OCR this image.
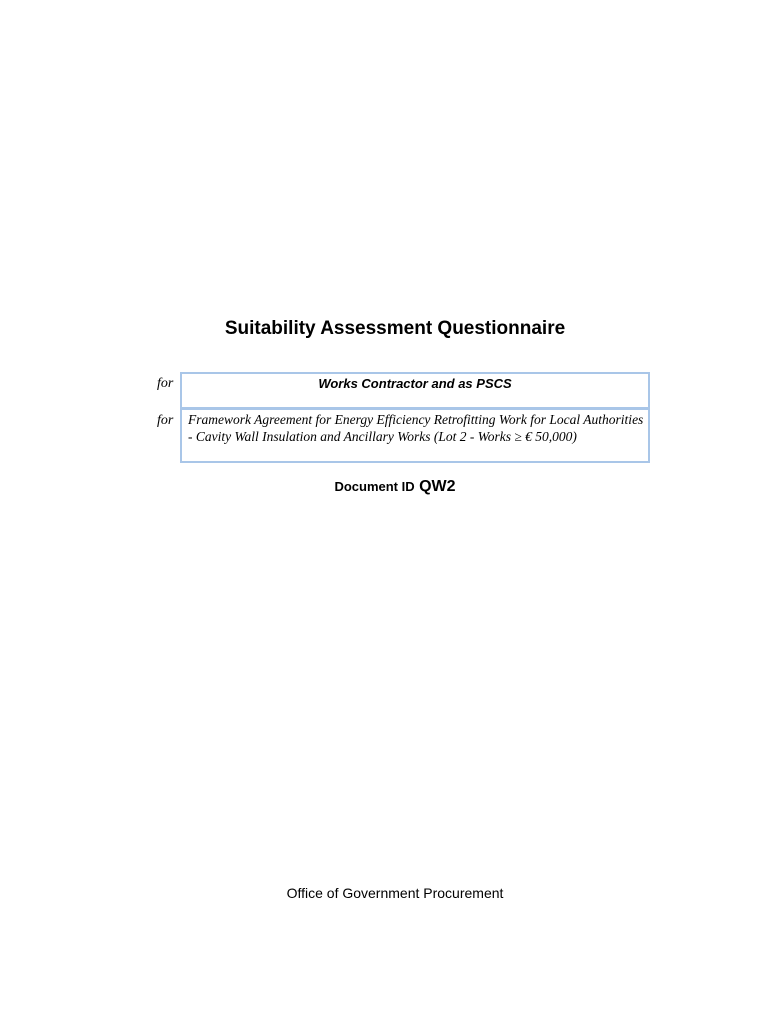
Suitability Assessment Questionnaire
for	Works Contractor and as PSCS
for	Framework Agreement for Energy Efficiency Retrofitting Work for Local Authorities - Cavity Wall Insulation and Ancillary Works (Lot 2 - Works ≥ € 50,000)

Document ID QW2

Office of Government Procurement
